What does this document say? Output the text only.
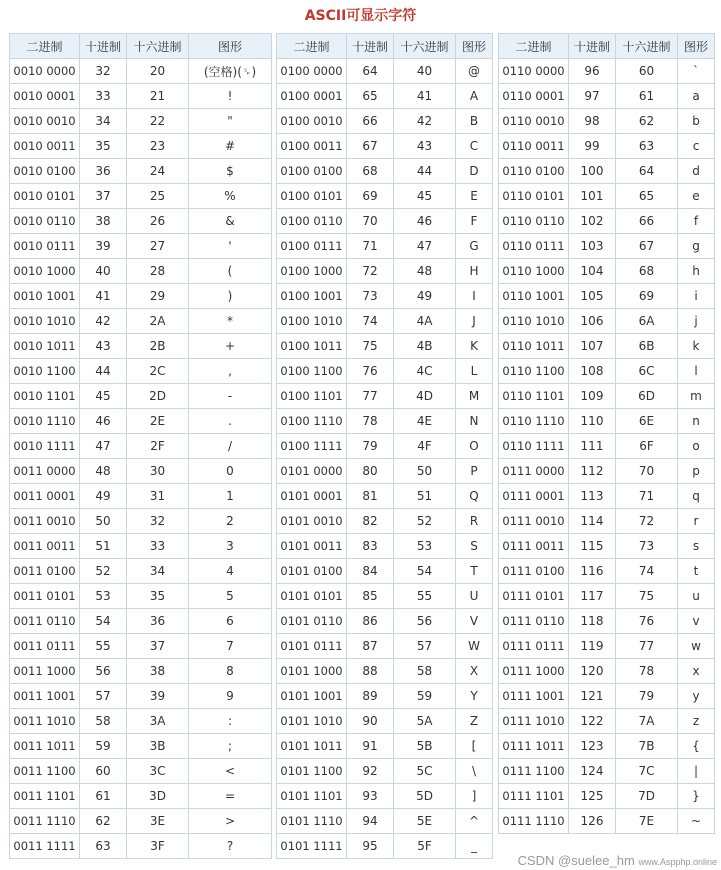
ASCII可显示字符
二进制	十进制	十六进制	图形
0010 0000	32	20	(空格)(␠)
0010 0001	33	21	!
0010 0010	34	22	"
0010 0011	35	23	#
0010 0100	36	24	$
0010 0101	37	25	%
0010 0110	38	26	&
0010 0111	39	27	'
0010 1000	40	28	(
0010 1001	41	29	)
0010 1010	42	2A	*
0010 1011	43	2B	+
0010 1100	44	2C	,
0010 1101	45	2D	-
0010 1110	46	2E	.
0010 1111	47	2F	/
0011 0000	48	30	0
0011 0001	49	31	1
0011 0010	50	32	2
0011 0011	51	33	3
0011 0100	52	34	4
0011 0101	53	35	5
0011 0110	54	36	6
0011 0111	55	37	7
0011 1000	56	38	8
0011 1001	57	39	9
0011 1010	58	3A	:
0011 1011	59	3B	;
0011 1100	60	3C	<
0011 1101	61	3D	=
0011 1110	62	3E	>
0011 1111	63	3F	?
二进制	十进制	十六进制	图形
0100 0000	64	40	@
0100 0001	65	41	A
0100 0010	66	42	B
0100 0011	67	43	C
0100 0100	68	44	D
0100 0101	69	45	E
0100 0110	70	46	F
0100 0111	71	47	G
0100 1000	72	48	H
0100 1001	73	49	I
0100 1010	74	4A	J
0100 1011	75	4B	K
0100 1100	76	4C	L
0100 1101	77	4D	M
0100 1110	78	4E	N
0100 1111	79	4F	O
0101 0000	80	50	P
0101 0001	81	51	Q
0101 0010	82	52	R
0101 0011	83	53	S
0101 0100	84	54	T
0101 0101	85	55	U
0101 0110	86	56	V
0101 0111	87	57	W
0101 1000	88	58	X
0101 1001	89	59	Y
0101 1010	90	5A	Z
0101 1011	91	5B	[
0101 1100	92	5C	\
0101 1101	93	5D	]
0101 1110	94	5E	^
0101 1111	95	5F	_
二进制	十进制	十六进制	图形
0110 0000	96	60	`
0110 0001	97	61	a
0110 0010	98	62	b
0110 0011	99	63	c
0110 0100	100	64	d
0110 0101	101	65	e
0110 0110	102	66	f
0110 0111	103	67	g
0110 1000	104	68	h
0110 1001	105	69	i
0110 1010	106	6A	j
0110 1011	107	6B	k
0110 1100	108	6C	l
0110 1101	109	6D	m
0110 1110	110	6E	n
0110 1111	111	6F	o
0111 0000	112	70	p
0111 0001	113	71	q
0111 0010	114	72	r
0111 0011	115	73	s
0111 0100	116	74	t
0111 0101	117	75	u
0111 0110	118	76	v
0111 0111	119	77	w
0111 1000	120	78	x
0111 1001	121	79	y
0111 1010	122	7A	z
0111 1011	123	7B	{
0111 1100	124	7C	|
0111 1101	125	7D	}
0111 1110	126	7E	~
CSDN @suelee_hm www.Aspphp.online
